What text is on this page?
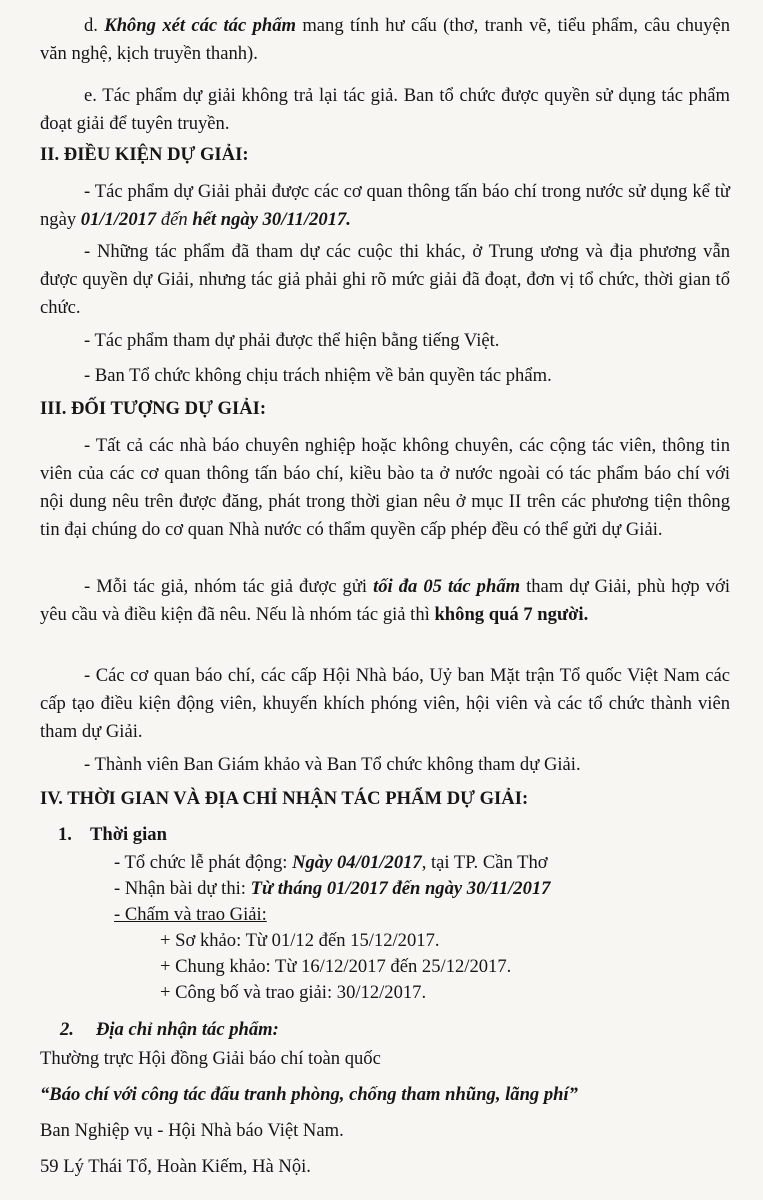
d. Không xét các tác phẩm mang tính hư cấu (thơ, tranh vẽ, tiểu phẩm, câu chuyện văn nghệ, kịch truyền thanh).

e. Tác phẩm dự giải không trả lại tác giả. Ban tổ chức được quyền sử dụng tác phẩm đoạt giải để tuyên truyền.

II. ĐIỀU KIỆN DỰ GIẢI:

- Tác phẩm dự Giải phải được các cơ quan thông tấn báo chí trong nước sử dụng kể từ ngày 01/1/2017 đến hết ngày 30/11/2017.

- Những tác phẩm đã tham dự các cuộc thi khác, ở Trung ương và địa phương vẫn được quyền dự Giải, nhưng tác giả phải ghi rõ mức giải đã đoạt, đơn vị tổ chức, thời gian tổ chức.

- Tác phẩm tham dự phải được thể hiện bằng tiếng Việt.

- Ban Tổ chức không chịu trách nhiệm về bản quyền tác phẩm.

III. ĐỐI TƯỢNG DỰ GIẢI:

- Tất cả các nhà báo chuyên nghiệp hoặc không chuyên, các cộng tác viên, thông tin viên của các cơ quan thông tấn báo chí, kiều bào ta ở nước ngoài có tác phẩm báo chí với nội dung nêu trên được đăng, phát trong thời gian nêu ở mục II trên các phương tiện thông tin đại chúng do cơ quan Nhà nước có thẩm quyền cấp phép đều có thể gửi dự Giải.

- Mỗi tác giả, nhóm tác giả được gửi tối đa 05 tác phẩm tham dự Giải, phù hợp với yêu cầu và điều kiện đã nêu. Nếu là nhóm tác giả thì không quá 7 người.

- Các cơ quan báo chí, các cấp Hội Nhà báo, Uỷ ban Mặt trận Tổ quốc Việt Nam các cấp tạo điều kiện động viên, khuyến khích phóng viên, hội viên và các tổ chức thành viên tham dự Giải.

- Thành viên Ban Giám khảo và Ban Tổ chức không tham dự Giải.

IV. THỜI GIAN VÀ ĐỊA CHỈ NHẬN TÁC PHẨM DỰ GIẢI:

1. Thời gian

- Tổ chức lễ phát động: Ngày 04/01/2017, tại TP. Cần Thơ

- Nhận bài dự thi: Từ tháng 01/2017 đến ngày 30/11/2017

- Chấm và trao Giải:

+ Sơ khảo: Từ 01/12 đến 15/12/2017.

+ Chung khảo: Từ 16/12/2017 đến 25/12/2017.

+ Công bố và trao giải: 30/12/2017.

2. Địa chỉ nhận tác phẩm:

Thường trực Hội đồng Giải báo chí toàn quốc

“Báo chí với công tác đấu tranh phòng, chống tham nhũng, lãng phí”

Ban Nghiệp vụ - Hội Nhà báo Việt Nam.

59 Lý Thái Tổ, Hoàn Kiếm, Hà Nội.
